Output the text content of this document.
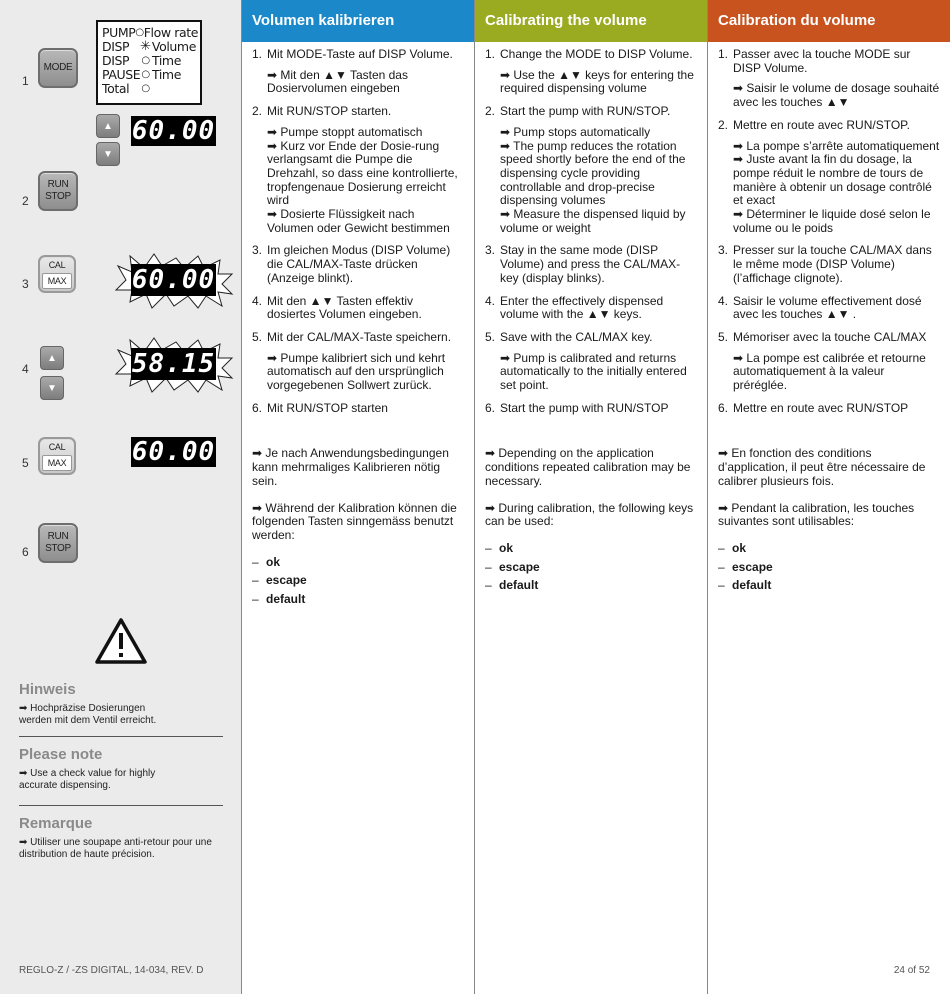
1
MODE
PUMP ○ Flow rate
DISP ✳ Volume
DISP	○ Time
PAUSE ○ Time
Total	○
▲
▼
60.00
2
RUN
STOP
3
CAL
MAX	60.00
4
▲
▼
58.15
5
CAL
MAX	60.00
6
RUN
STOP
Hinweis
➡ Hochpräzise Dosierungen werden mit dem Ventil erreicht.
Please note
➡ Use a check value for highly accurate dispensing.
Remarque
➡ Utiliser une soupape anti-retour pour une distribution de haute précision.
REGLO-Z / -ZS DIGITAL, 14-034, REV. D
Volumen kalibrieren
1. Mit MODE-Taste auf DISP Volume.
➡ Mit den ▲▼ Tasten das Dosiervolumen eingeben
2. Mit RUN/STOP starten.
➡ Pumpe stoppt automatisch
➡ Kurz vor Ende der Dosie-rung verlangsamt die Pumpe die Drehzahl, so dass eine kontrollierte, tropfengenaue Dosierung erreicht wird
➡ Dosierte Flüssigkeit nach Volumen oder Gewicht bestimmen
3. Im gleichen Modus (DISP Volume) die CAL/MAX-Taste drücken (Anzeige blinkt).
4. Mit den ▲▼ Tasten effektiv dosiertes Volumen eingeben.
5. Mit der CAL/MAX-Taste speichern.
➡ Pumpe kalibriert sich und kehrt automatisch auf den ursprünglich vorgegebenen Sollwert zurück.
6. Mit RUN/STOP starten
➡ Je nach Anwendungsbedingungen kann mehrmaliges Kalibrieren nötig sein.
➡ Während der Kalibration können die folgenden Tasten sinngemäss benutzt werden:
– ok
– escape
– default
Calibrating the volume
1. Change the MODE to DISP Volume.
➡ Use the ▲▼ keys for entering the required dispensing volume
2. Start the pump with RUN/STOP.
➡ Pump stops automatically
➡ The pump reduces the rotation speed shortly before the end of the dispensing cycle providing controllable and drop-precise dispensing volumes
➡ Measure the dispensed liquid by volume or weight
3. Stay in the same mode (DISP Volume) and press the CAL/MAX-key (display blinks).
4. Enter the effectively dispensed volume with the ▲▼ keys.
5. Save with the CAL/MAX key.
➡ Pump is calibrated and returns automatically to the initially entered set point.
6. Start the pump with RUN/STOP
➡ Depending on the application conditions repeated calibration may be necessary.
➡ During calibration, the following keys can be used:
– ok
– escape
– default
Calibration du volume
1. Passer avec la touche MODE sur DISP Volume.
➡ Saisir le volume de dosage souhaité avec les touches ▲▼
2. Mettre en route avec RUN/STOP.
➡ La pompe s’arrête automatiquement
➡ Juste avant la fin du dosage, la pompe réduit le nombre de tours de manière à obtenir un dosage contrôlé et exact
➡ Déterminer le liquide dosé selon le volume ou le poids
3. Presser sur la touche CAL/MAX dans le même mode (DISP Volume) (l’affichage clignote).
4. Saisir le volume effectivement dosé avec les touches ▲▼ .
5. Mémoriser avec la touche CAL/MAX
➡ La pompe est calibrée et retourne automatiquement à la valeur préréglée.
6. Mettre en route avec RUN/STOP
➡ En fonction des conditions d’application, il peut être nécessaire de calibrer plusieurs fois.
➡ Pendant la calibration, les touches suivantes sont utilisables:
– ok
– escape
– default
24 of 52
